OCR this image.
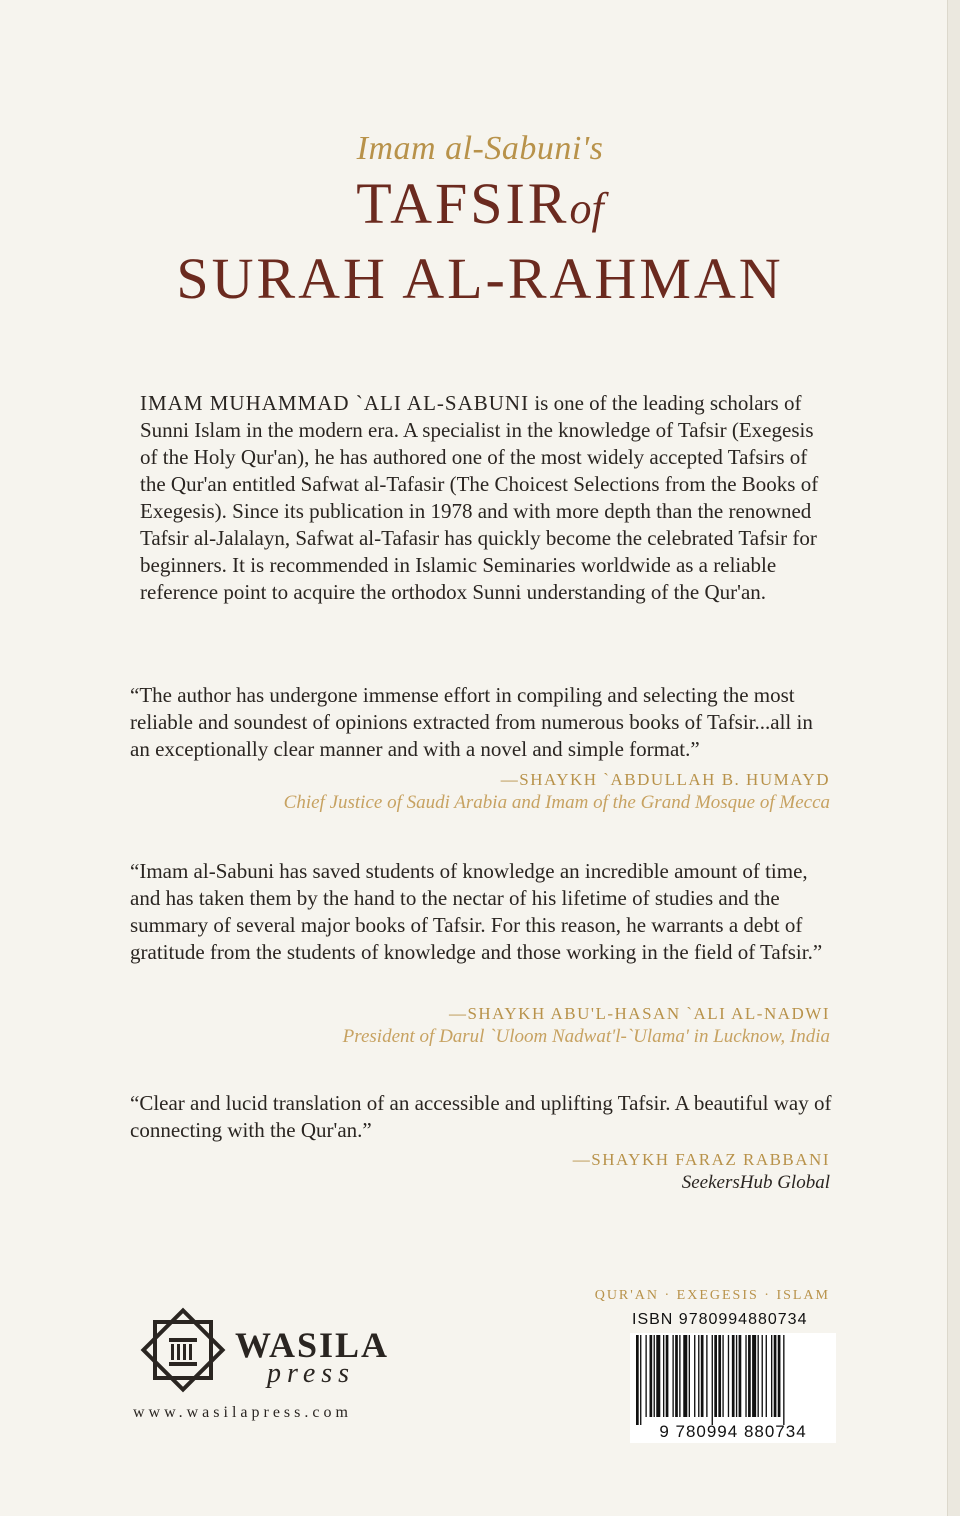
Imam al-Sabuni's
TAFSIRof
SURAH AL-RAHMAN
IMAM MUHAMMAD `ALI AL-SABUNI is one of the leading scholars of Sunni Islam in the modern era. A specialist in the knowledge of Tafsir (Exegesis of the Holy Qur'an), he has authored one of the most widely accepted Tafsirs of the Qur'an entitled Safwat al-Tafasir (The Choicest Selections from the Books of Exegesis). Since its publication in 1978 and with more depth than the renowned Tafsir al-Jalalayn, Safwat al-Tafasir has quickly become the celebrated Tafsir for beginners. It is recommended in Islamic Seminaries worldwide as a reliable reference point to acquire the orthodox Sunni understanding of the Qur'an.
“The author has undergone immense effort in compiling and selecting the most reliable and soundest of opinions extracted from numerous books of Tafsir...all in an exceptionally clear manner and with a novel and simple format.”
—SHAYKH `ABDULLAH B. HUMAYD
Chief Justice of Saudi Arabia and Imam of the Grand Mosque of Mecca
“Imam al-Sabuni has saved students of knowledge an incredible amount of time, and has taken them by the hand to the nectar of his lifetime of studies and the summary of several major books of Tafsir. For this reason, he warrants a debt of gratitude from the students of knowledge and those working in the field of Tafsir.”
—SHAYKH ABU'L-HASAN `ALI AL-NADWI
President of Darul `Uloom Nadwat'l-`Ulama' in Lucknow, India
“Clear and lucid translation of an accessible and uplifting Tafsir. A beautiful way of connecting with the Qur'an.”
—SHAYKH FARAZ RABBANI
SeekersHub Global
WASILA
press
www.wasilapress.com
QUR'AN · EXEGESIS · ISLAM
ISBN 9780994880734
9 780994 880734
